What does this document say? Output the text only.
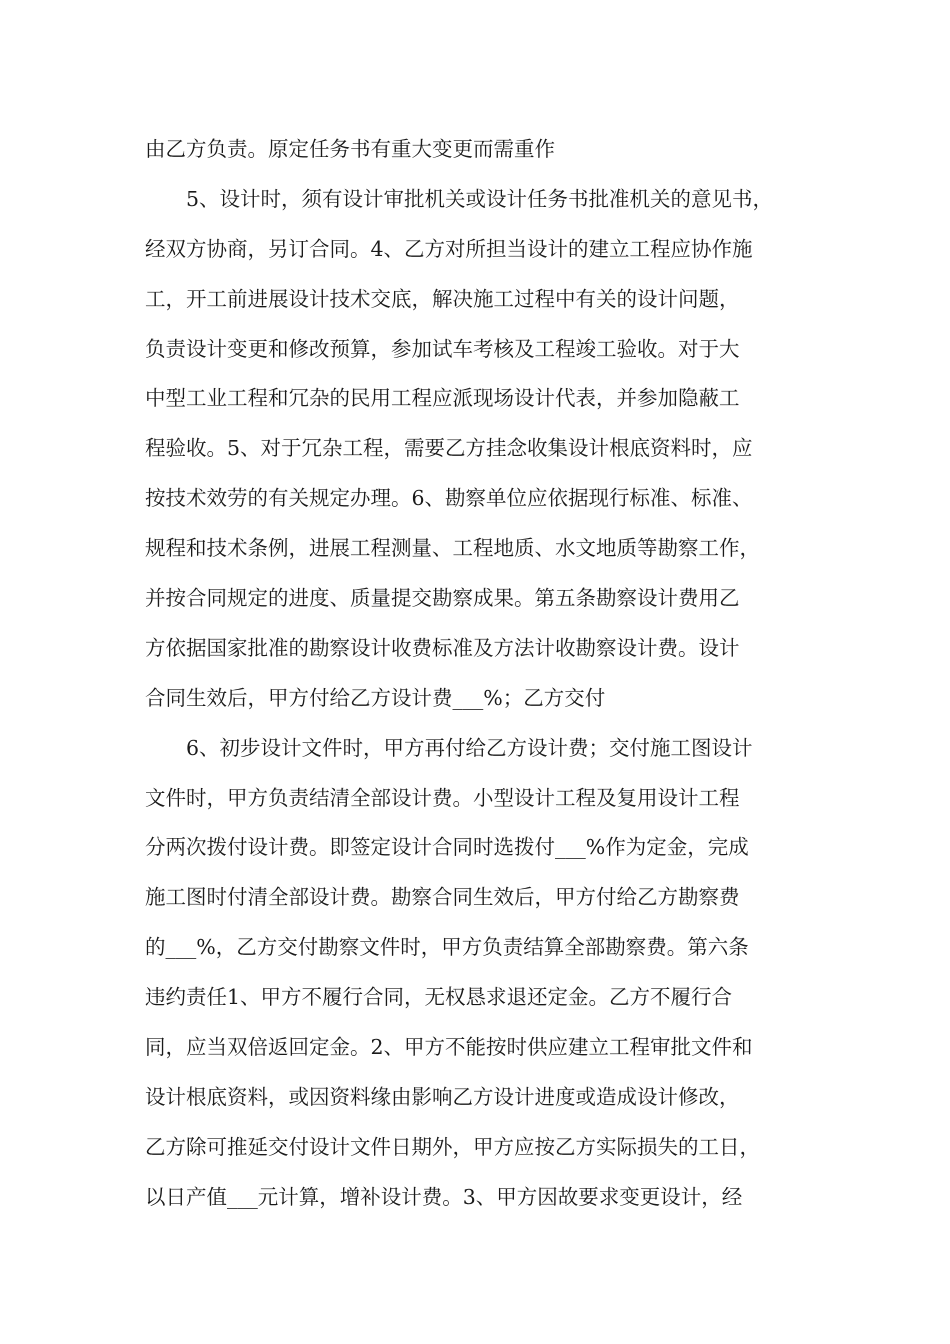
由乙方负责。原定任务书有重大变更而需重作
5、设计时，须有设计审批机关或设计任务书批准机关的意见书，
经双方协商，另订合同。4、乙方对所担当设计的建立工程应协作施
工，开工前进展设计技术交底，解决施工过程中有关的设计问题，
负责设计变更和修改预算，参加试车考核及工程竣工验收。对于大
中型工业工程和冗杂的民用工程应派现场设计代表，并参加隐蔽工
程验收。5、对于冗杂工程，需要乙方挂念收集设计根底资料时，应
按技术效劳的有关规定办理。6、勘察单位应依据现行标准、标准、
规程和技术条例，进展工程测量、工程地质、水文地质等勘察工作，
并按合同规定的进度、质量提交勘察成果。第五条勘察设计费用乙
方依据国家批准的勘察设计收费标准及方法计收勘察设计费。设计
合同生效后，甲方付给乙方设计费___%；乙方交付
6、初步设计文件时，甲方再付给乙方设计费；交付施工图设计
文件时，甲方负责结清全部设计费。小型设计工程及复用设计工程
分两次拨付设计费。即签定设计合同时选拨付___%作为定金，完成
施工图时付清全部设计费。勘察合同生效后，甲方付给乙方勘察费
的___%，乙方交付勘察文件时，甲方负责结算全部勘察费。第六条
违约责任1、甲方不履行合同，无权恳求退还定金。乙方不履行合
同，应当双倍返回定金。2、甲方不能按时供应建立工程审批文件和
设计根底资料，或因资料缘由影响乙方设计进度或造成设计修改，
乙方除可推延交付设计文件日期外，甲方应按乙方实际损失的工日，
以日产值___元计算，增补设计费。3、甲方因故要求变更设计，经
